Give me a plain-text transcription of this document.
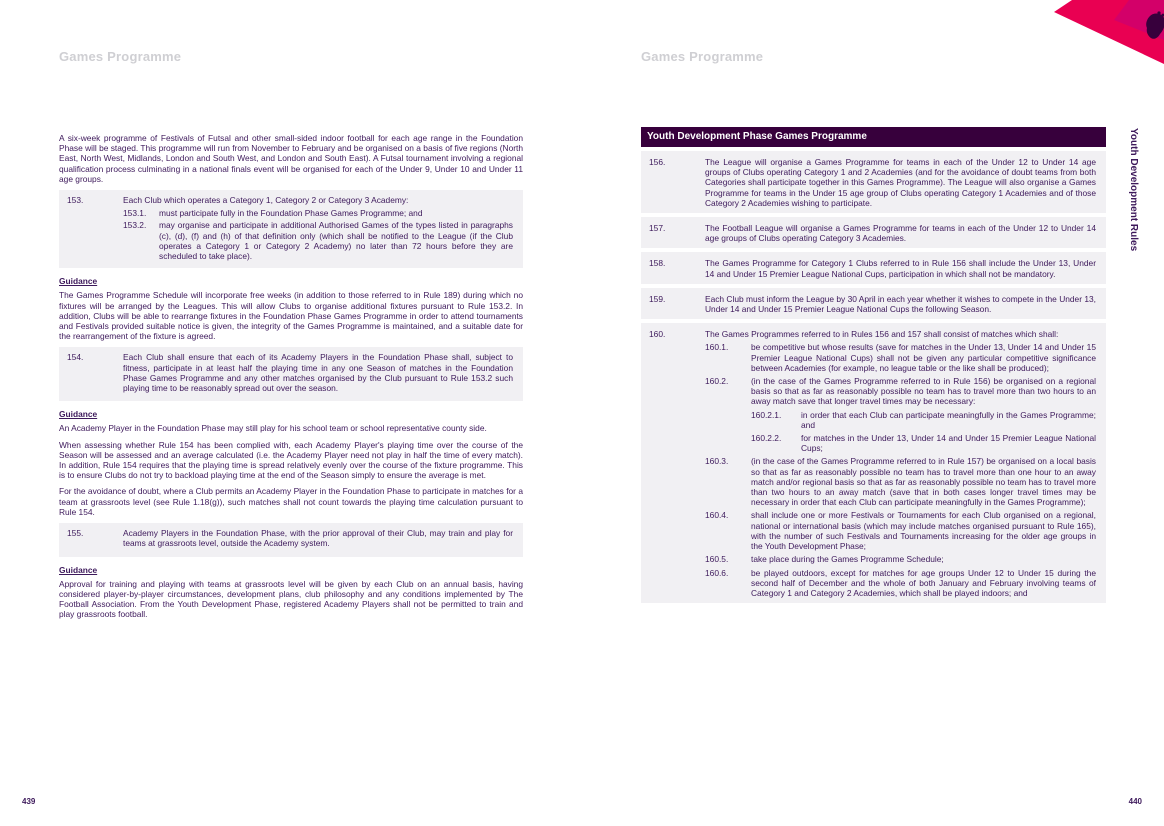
Games Programme

A six-week programme of Festivals of Futsal and other small-sided indoor football for each age range in the Foundation Phase will be staged. This programme will run from November to February and be organised on a basis of five regions (North East, North West, Midlands, London and South West, and London and South East). A Futsal tournament involving a regional qualification process culminating in a national finals event will be organised for each of the Under 9, Under 10 and Under 11 age groups.

153.	Each Club which operates a Category 1, Category 2 or Category 3 Academy:
153.1.	must participate fully in the Foundation Phase Games Programme; and
153.2.	may organise and participate in additional Authorised Games of the types listed in paragraphs (c), (d), (f) and (h) of that definition only (which shall be notified to the League (if the Club operates a Category 1 or Category 2 Academy) no later than 72 hours before they are scheduled to take place).
Guidance

The Games Programme Schedule will incorporate free weeks (in addition to those referred to in Rule 189) during which no fixtures will be arranged by the Leagues. This will allow Clubs to organise additional fixtures pursuant to Rule 153.2. In addition, Clubs will be able to rearrange fixtures in the Foundation Phase Games Programme in order to attend tournaments and Festivals provided suitable notice is given, the integrity of the Games Programme is maintained, and a suitable date for the rearrangement of the fixture is agreed.

154.	Each Club shall ensure that each of its Academy Players in the Foundation Phase shall, subject to fitness, participate in at least half the playing time in any one Season of matches in the Foundation Phase Games Programme and any other matches organised by the Club pursuant to Rule 153.2 such playing time to be reasonably spread out over the season.
Guidance

An Academy Player in the Foundation Phase may still play for his school team or school representative county side.

When assessing whether Rule 154 has been complied with, each Academy Player's playing time over the course of the Season will be assessed and an average calculated (i.e. the Academy Player need not play in half the time of every match). In addition, Rule 154 requires that the playing time is spread relatively evenly over the course of the fixture programme. This is to ensure Clubs do not try to backload playing time at the end of the Season simply to ensure the average is met.

For the avoidance of doubt, where a Club permits an Academy Player in the Foundation Phase to participate in matches for a team at grassroots level (see Rule 1.18(g)), such matches shall not count towards the playing time calculation pursuant to Rule 154.

155.	Academy Players in the Foundation Phase, with the prior approval of their Club, may train and play for teams at grassroots level, outside the Academy system.
Guidance

Approval for training and playing with teams at grassroots level will be given by each Club on an annual basis, having considered player-by-player circumstances, development plans, club philosophy and any conditions implemented by The Football Association. From the Youth Development Phase, registered Academy Players shall not be permitted to train and play grassroots football.

439
Games Programme
Youth Development Phase Games Programme
156.	The League will organise a Games Programme for teams in each of the Under 12 to Under 14 age groups of Clubs operating Category 1 and 2 Academies (and for the avoidance of doubt teams from both Categories shall participate together in this Games Programme). The League will also organise a Games Programme for teams in the Under 15 age group of Clubs operating Category 1 Academies and of those Category 2 Academies wishing to participate.
157.	The Football League will organise a Games Programme for teams in each of the Under 12 to Under 14 age groups of Clubs operating Category 3 Academies.
158.	The Games Programme for Category 1 Clubs referred to in Rule 156 shall include the Under 13, Under 14 and Under 15 Premier League National Cups, participation in which shall not be mandatory.
159.	Each Club must inform the League by 30 April in each year whether it wishes to compete in the Under 13, Under 14 and Under 15 Premier League National Cups the following Season.
160.	The Games Programmes referred to in Rules 156 and 157 shall consist of matches which shall:
160.1.	be competitive but whose results (save for matches in the Under 13, Under 14 and Under 15 Premier League National Cups) shall not be given any particular competitive significance between Academies (for example, no league table or the like shall be produced);
160.2.	(in the case of the Games Programme referred to in Rule 156) be organised on a regional basis so that as far as reasonably possible no team has to travel more than two hours to an away match save that longer travel times may be necessary:
160.2.1.	in order that each Club can participate meaningfully in the Games Programme; and
160.2.2.	for matches in the Under 13, Under 14 and Under 15 Premier League National Cups;
160.3.	(in the case of the Games Programme referred to in Rule 157) be organised on a local basis so that as far as reasonably possible no team has to travel more than one hour to an away match and/or regional basis so that as far as reasonably possible no team has to travel more than two hours to an away match (save that in both cases longer travel times may be necessary in order that each Club can participate meaningfully in the Games Programme);
160.4.	shall include one or more Festivals or Tournaments for each Club organised on a regional, national or international basis (which may include matches organised pursuant to Rule 165), with the number of such Festivals and Tournaments increasing for the older age groups in the Youth Development Phase;
160.5.	take place during the Games Programme Schedule;
160.6.	be played outdoors, except for matches for age groups Under 12 to Under 15 during the second half of December and the whole of both January and February involving teams of Category 1 and Category 2 Academies, which shall be played indoors; and
440
Youth Development Rules
